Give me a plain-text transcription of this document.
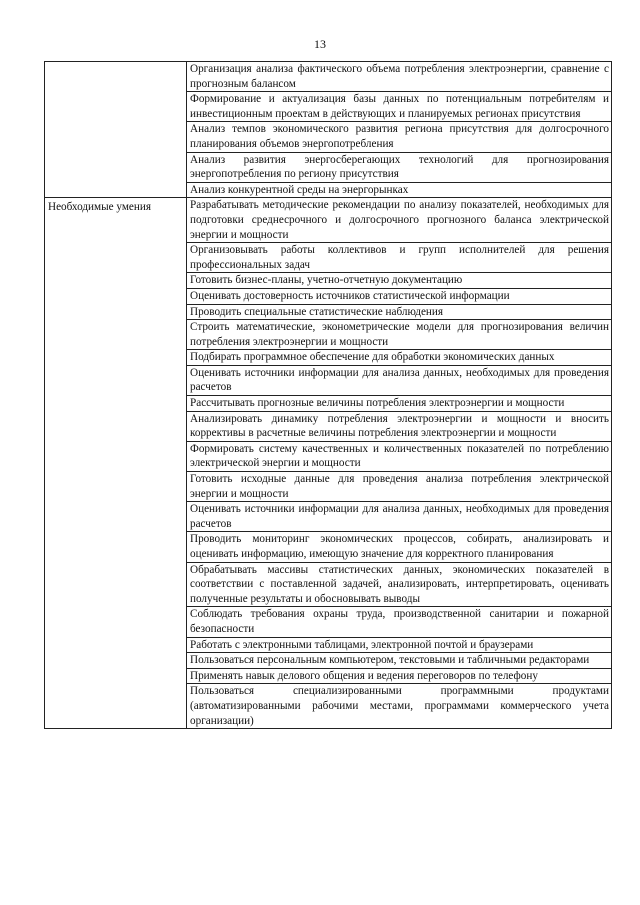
13
	Организация анализа фактического объема потребления электроэнергии, сравнение с прогнозным балансом
	Формирование и актуализация базы данных по потенциальным потребителям и инвестиционным проектам в действующих и планируемых регионах присутствия
	Анализ темпов экономического развития региона присутствия для долгосрочного планирования объемов энергопотребления
	Анализ развития энергосберегающих технологий для прогнозирования энергопотребления по региону присутствия
	Анализ конкурентной среды на энергорынках
Необходимые умения	Разрабатывать методические рекомендации по анализу показателей, необходимых для подготовки среднесрочного и долгосрочного прогнозного баланса электрической энергии и мощности
	Организовывать работы коллективов и групп исполнителей для решения профессиональных задач
	Готовить бизнес-планы, учетно-отчетную документацию
	Оценивать достоверность источников статистической информации
	Проводить специальные статистические наблюдения
	Строить математические, эконометрические модели для прогнозирования величин потребления электроэнергии и мощности
	Подбирать программное обеспечение для обработки экономических данных
	Оценивать источники информации для анализа данных, необходимых для проведения расчетов
	Рассчитывать прогнозные величины потребления электроэнергии и мощности
	Анализировать динамику потребления электроэнергии и мощности и вносить коррективы в расчетные величины потребления электроэнергии и мощности
	Формировать систему качественных и количественных показателей по потреблению электрической энергии и мощности
	Готовить исходные данные для проведения анализа потребления электрической энергии и мощности
	Оценивать источники информации для анализа данных, необходимых для проведения расчетов
	Проводить мониторинг экономических процессов, собирать, анализировать и оценивать информацию, имеющую значение для корректного планирования
	Обрабатывать массивы статистических данных, экономических показателей в соответствии с поставленной задачей, анализировать, интерпретировать, оценивать полученные результаты и обосновывать выводы
	Соблюдать требования охраны труда, производственной санитарии и пожарной безопасности
	Работать с электронными таблицами, электронной почтой и браузерами
	Пользоваться персональным компьютером, текстовыми и табличными редакторами
	Применять навык делового общения и ведения переговоров по телефону
	Пользоваться специализированными программными продуктами (автоматизированными рабочими местами, программами коммерческого учета организации)
